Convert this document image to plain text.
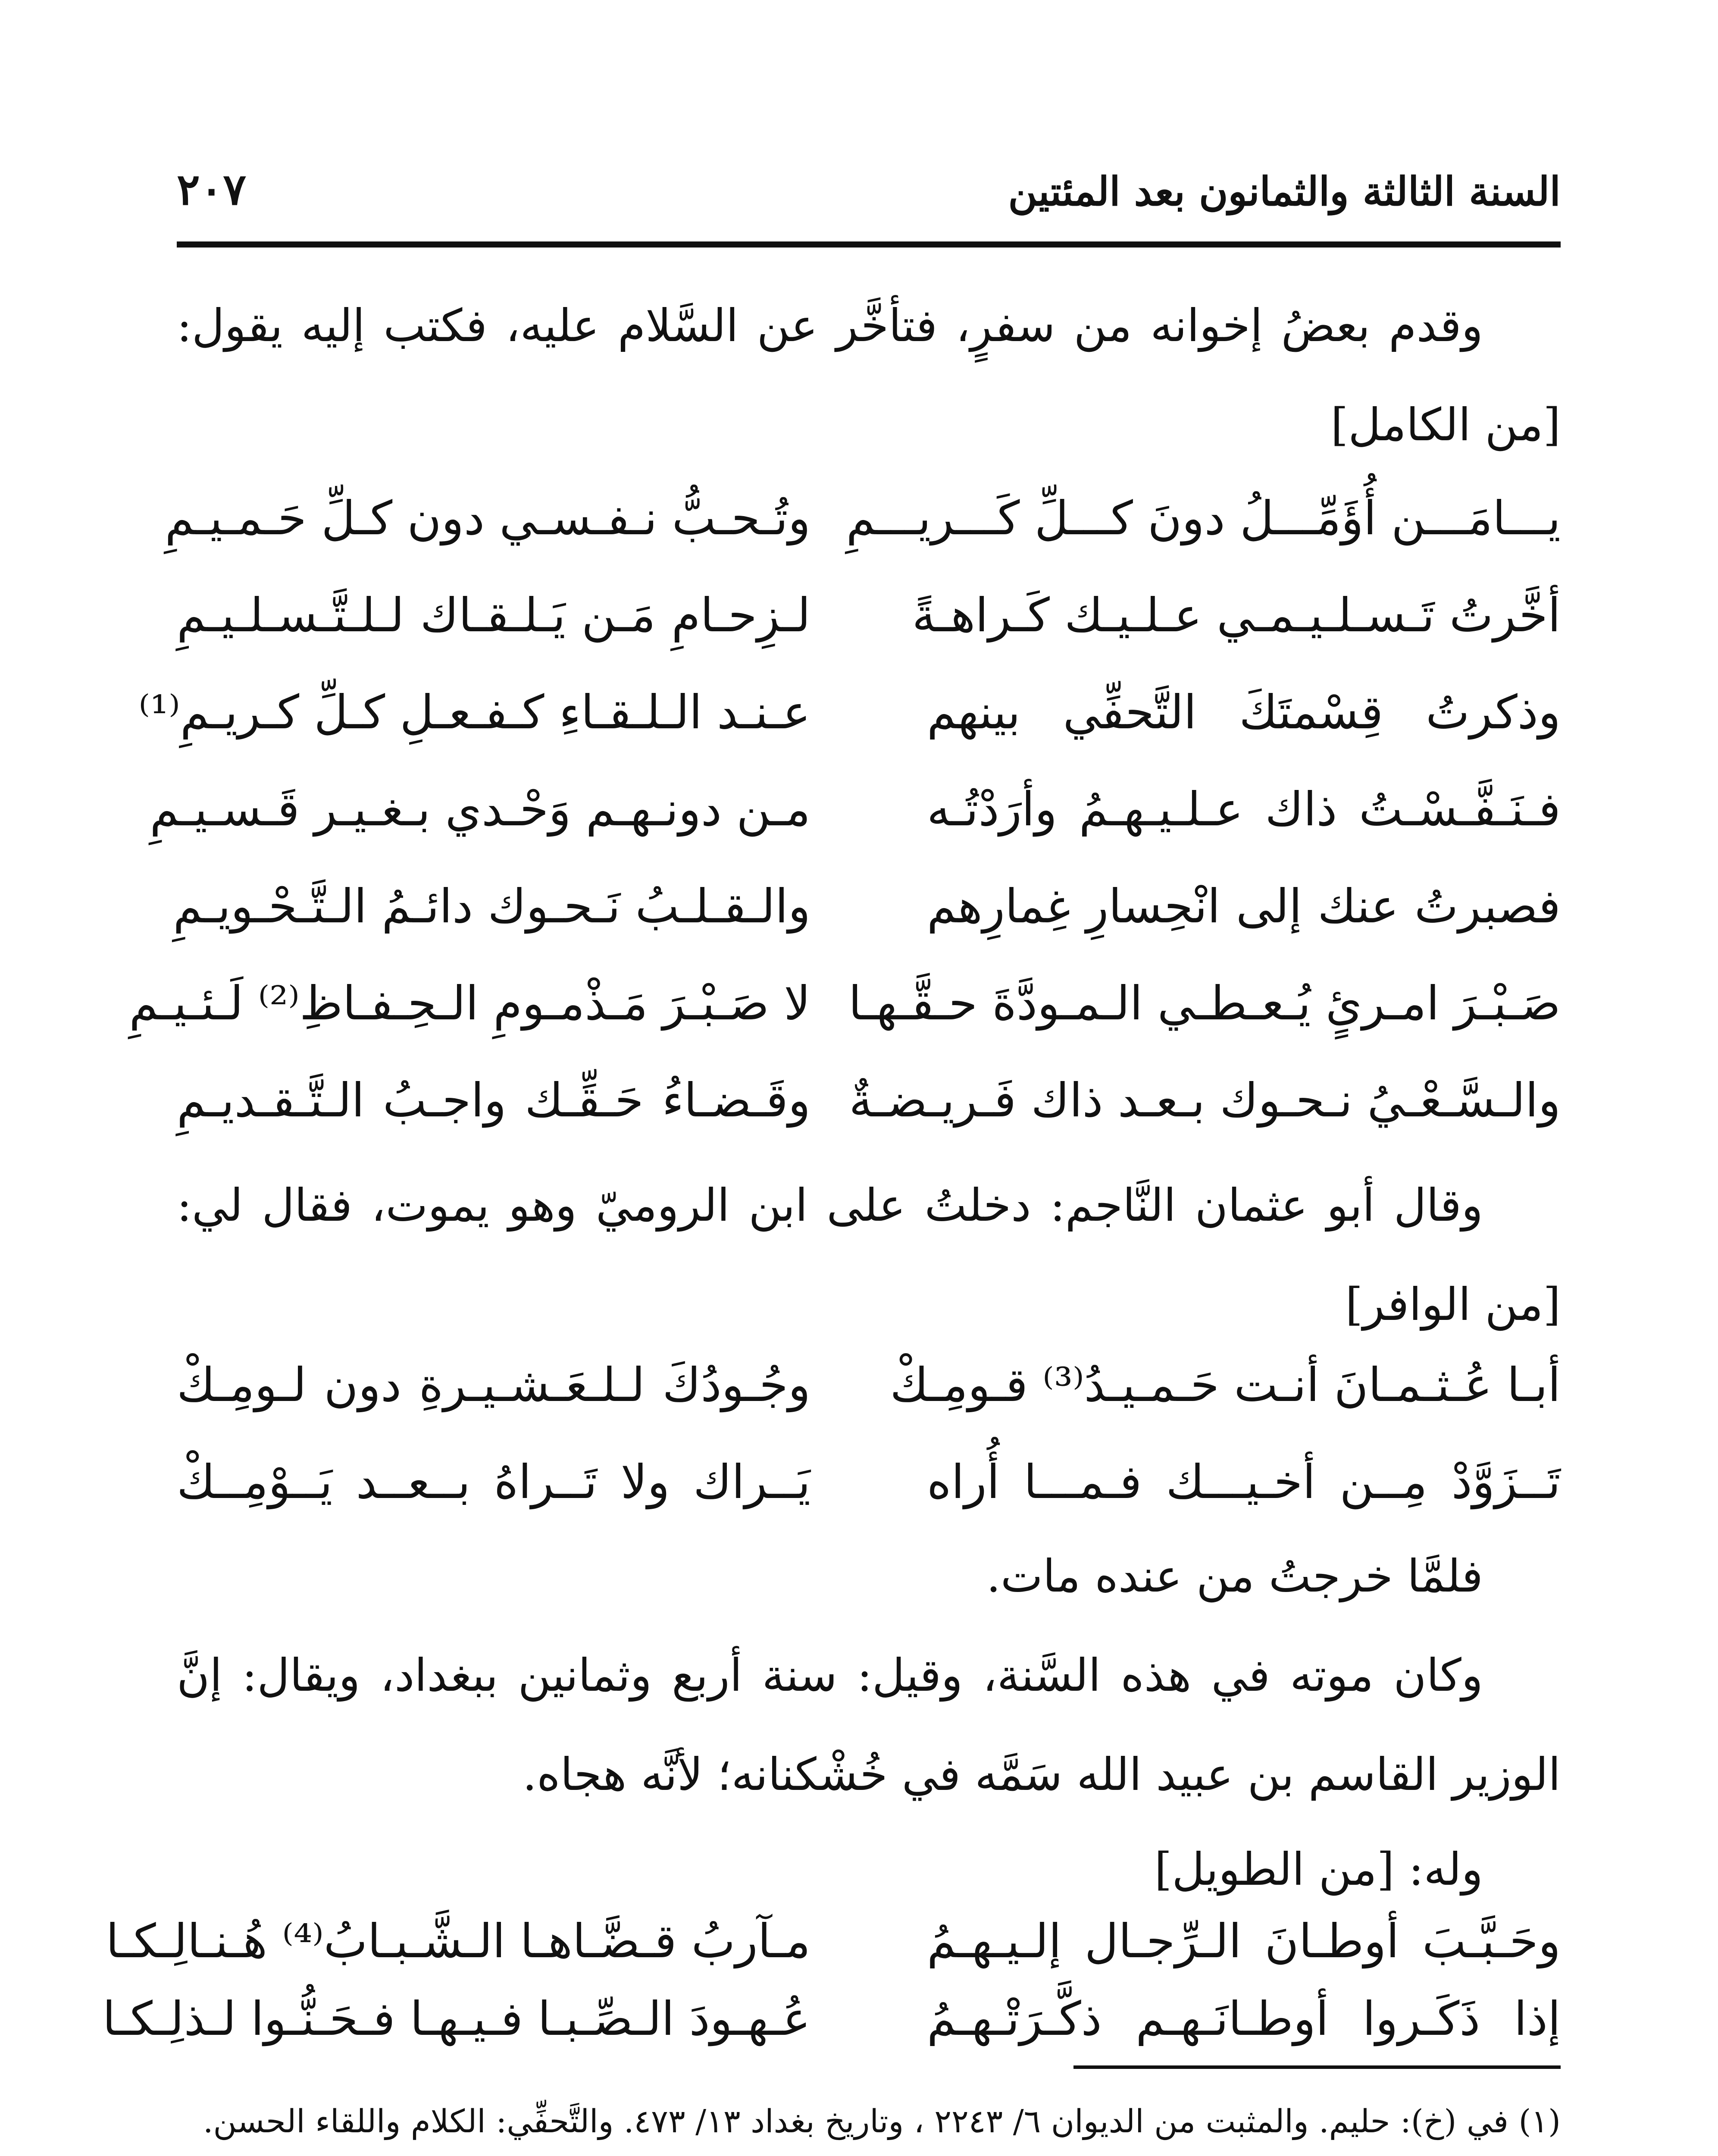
السنة الثالثة والثمانون بعد المئتين
٢٠٧
وقدم بعضُ إخوانه من سفرٍ، فتأخَّر عن السَّلام عليه، فكتب إليه يقول:[من الكامل]
يـــامَـــن أُؤَمِّـــلُ دونَ كـــلِّ كَـــريـــمِ
وتُـحـبُّ نـفـسـي دون كـلِّ حَـمـيـمِ
أخَّرتُ تَـسـلـيـمـي عـلـيـك كَـراهـةً
لـزِحـامِ مَـن يَـلـقـاك لـلـتَّـسـلـيـمِ
وذكرتُ قِسْمتَكَ التَّحفِّي بينهم
عـنـد الـلـقـاءِ كـفـعـلِ كـلِّ كـريـمِ⁽¹⁾
فـنَـفَّـسْـتُ ذاك عـلـيـهـمُ وأرَدْتُـه
مـن دونـهـم وَحْـدي بـغـيـر قَـسـيـمِ
فصبرتُ عنك إلى انْحِسارِ غِمارِهم
والـقـلـبُ نَـحـوك دائـمُ الـتَّـحْـويـمِ
صَـبْـرَ امـرئٍ يُـعـطـي الـمـودَّةَ حـقَّـهـا
لا صَـبْـرَ مَـذْمـومِ الـحِـفـاظِ⁽²⁾ لَـئـيـمِ
والـسَّـعْـيُ نـحـوك بـعـد ذاك فَـريـضـةٌ
وقَـضـاءُ حَـقِّـك واجـبُ الـتَّـقـديـمِ
وقال أبو عثمان النَّاجم: دخلتُ على ابن الروميّ وهو يموت، فقال لي: [من الوافر]
أبـا عُـثـمـانَ أنـت حَـمـيـدُ⁽³⁾ قـومِـكْ
وجُـودُكَ لـلـعَـشـيـرةِ دون لـومِـكْ
تَــزَوَّدْ مِــن أخـيـــك فـمـــا أُراه
يَــراك ولا تَــراهُ بــعــد يَــوْمِــكْ
فلمَّا خرجتُ من عنده مات.
وكان موته في هذه السَّنة، وقيل: سنة أربع وثمانين ببغداد، ويقال: إنَّ الوزير القاسم بن عبيد الله سَمَّه في خُشْكنانه؛ لأنَّه هجاه.
وله: [من الطويل]
وحَـبَّـبَ أوطـانَ الـرِّجـال إلـيـهـمُ
مـآربُ قـضَّـاهـا الـشَّـبـابُ⁽⁴⁾ هُـنـالِـكـا
إذا ذَكَـروا أوطـانَـهـم ذكَّـرَتْـهـمُ
عُـهـودَ الـصِّـبـا فـيـهـا فـحَـنُّـوا لـذلِـكـا

(١) في (خ): حليم. والمثبت من الديوان ٦/ ٢٢٤٣ ، وتاريخ بغداد ١٣/ ٤٧٣. والتَّحفِّي: الكلام واللقاء الحسن.
